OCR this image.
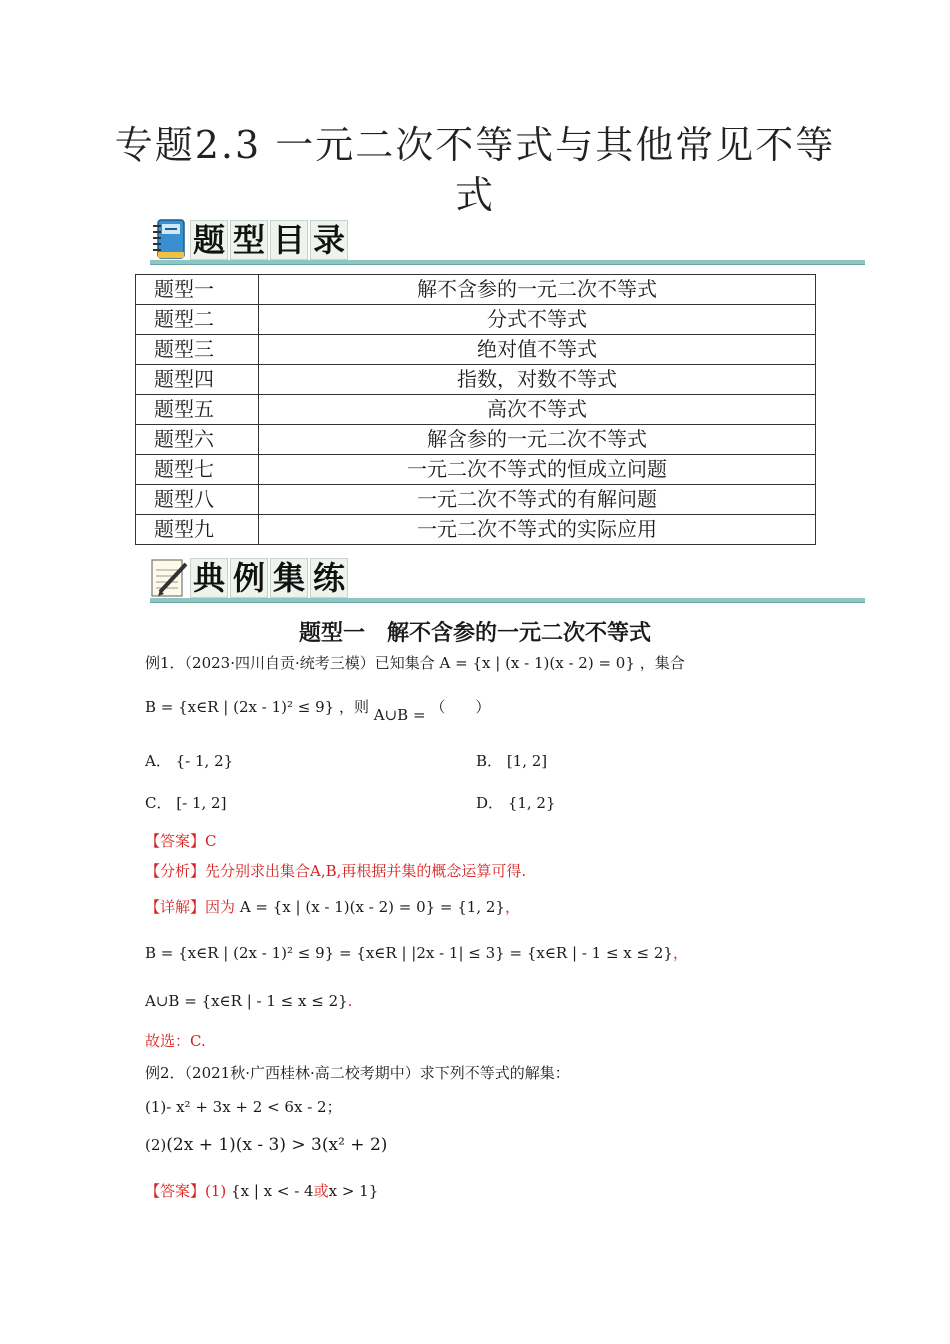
专题2.3 一元二次不等式与其他常见不等
式
题 型 目 录
题型一	解不含参的一元二次不等式
题型二	分式不等式
题型三	绝对值不等式
题型四	指数，对数不等式
题型五	高次不等式
题型六	解含参的一元二次不等式
题型七	一元二次不等式的恒成立问题
题型八	一元二次不等式的有解问题
题型九	一元二次不等式的实际应用
典 例 集 练
题型一　解不含参的一元二次不等式
例1．（2023·四川自贡·统考三模）已知集合 A = {x | (x - 1)(x - 2) = 0} ，集合
B = {x∈R | (2x - 1)² ≤ 9} ，则 A∪B = （　　）
A． {- 1, 2}	B． [1, 2]
C． [- 1, 2]	D． {1, 2}
【答案】C
【分析】先分别求出集合A,B,再根据并集的概念运算可得.
【详解】因为 A = {x | (x - 1)(x - 2) = 0} = {1, 2}，
B = {x∈R | (2x - 1)² ≤ 9} = {x∈R | |2x - 1| ≤ 3} = {x∈R | - 1 ≤ x ≤ 2}，
A∪B = {x∈R | - 1 ≤ x ≤ 2}.
故选：C.
例2．（2021秋·广西桂林·高二校考期中）求下列不等式的解集：
(1)- x² + 3x + 2 < 6x - 2；
(2)(2x + 1)(x - 3) > 3(x² + 2)
【答案】(1) {x | x < - 4或x > 1}
